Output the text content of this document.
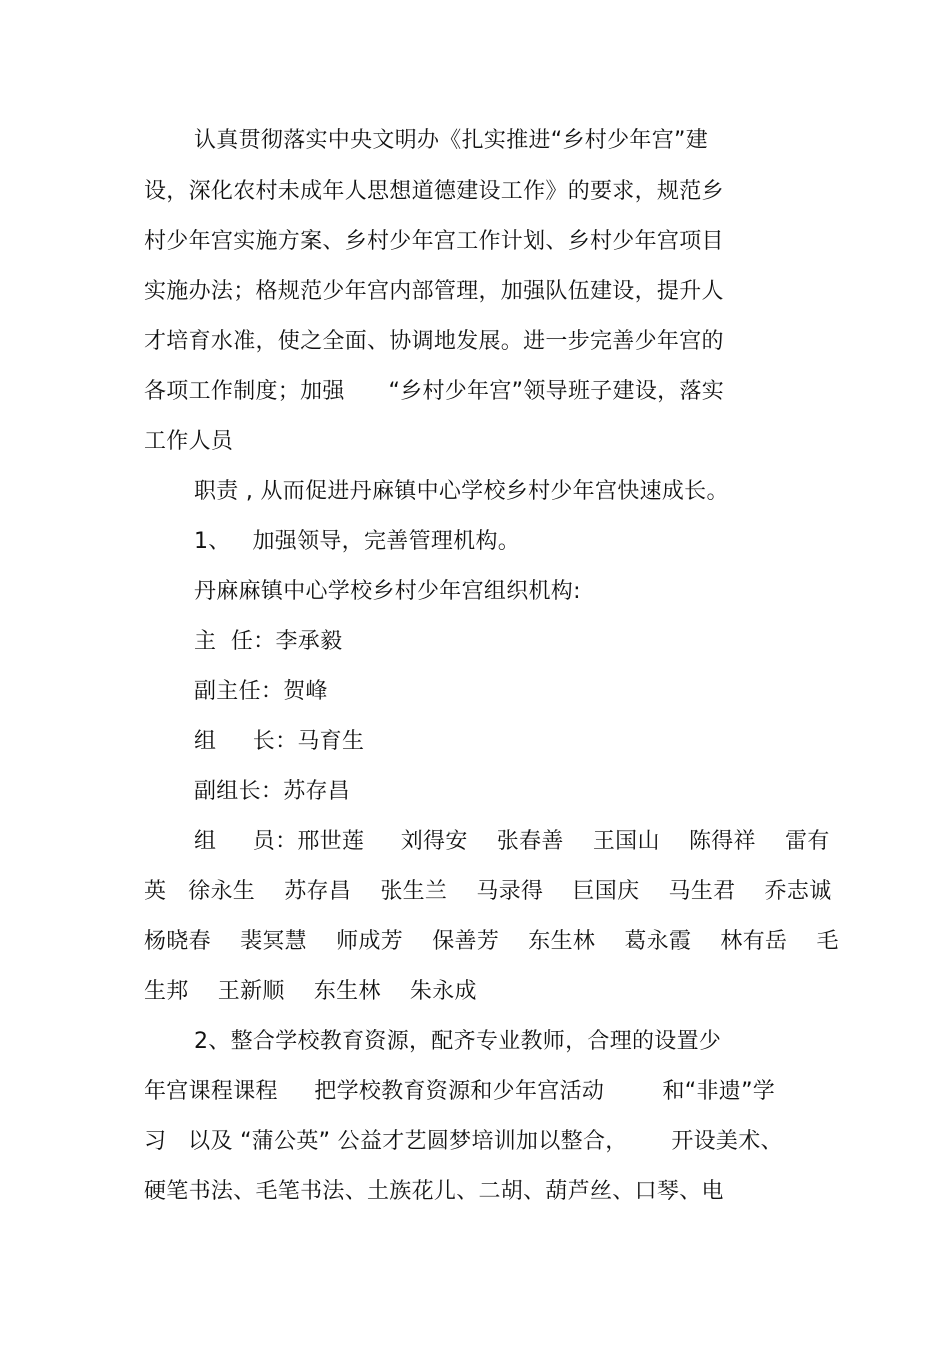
认真贯彻落实中央文明办《扎实推进“乡村少年宫”建
设，深化农村未成年人思想道德建设工作》的要求，规范乡
村少年宫实施方案、乡村少年宫工作计划、乡村少年宫项目
实施办法；格规范少年宫内部管理，加强队伍建设，提升人
才培育水准，使之全面、协调地发展。进一步完善少年宫的
各项工作制度；加强      “乡村少年宫”领导班子建设，落实
工作人员
职责 , 从而促进丹麻镇中心学校乡村少年宫快速成长。
1、   加强领导，完善管理机构。
丹麻麻镇中心学校乡村少年宫组织机构:
主  任：李承毅
副主任：贺峰
组     长：马育生
副组长：苏存昌
组     员：邢世莲     刘得安    张春善    王国山    陈得祥    雷有
英   徐永生    苏存昌    张生兰    马录得    巨国庆    马生君    乔志诚
杨晓春    裴冥慧    师成芳    保善芳    东生林    葛永霞    林有岳    毛
生邦    王新顺    东生林    朱永成
2、整合学校教育资源，配齐专业教师，合理的设置少
年宫课程课程     把学校教育资源和少年宫活动        和“非遗”学
习   以及 “蒲公英” 公益才艺圆梦培训加以整合，      开设美术、
硬笔书法、毛笔书法、土族花儿、二胡、葫芦丝、口琴、电
